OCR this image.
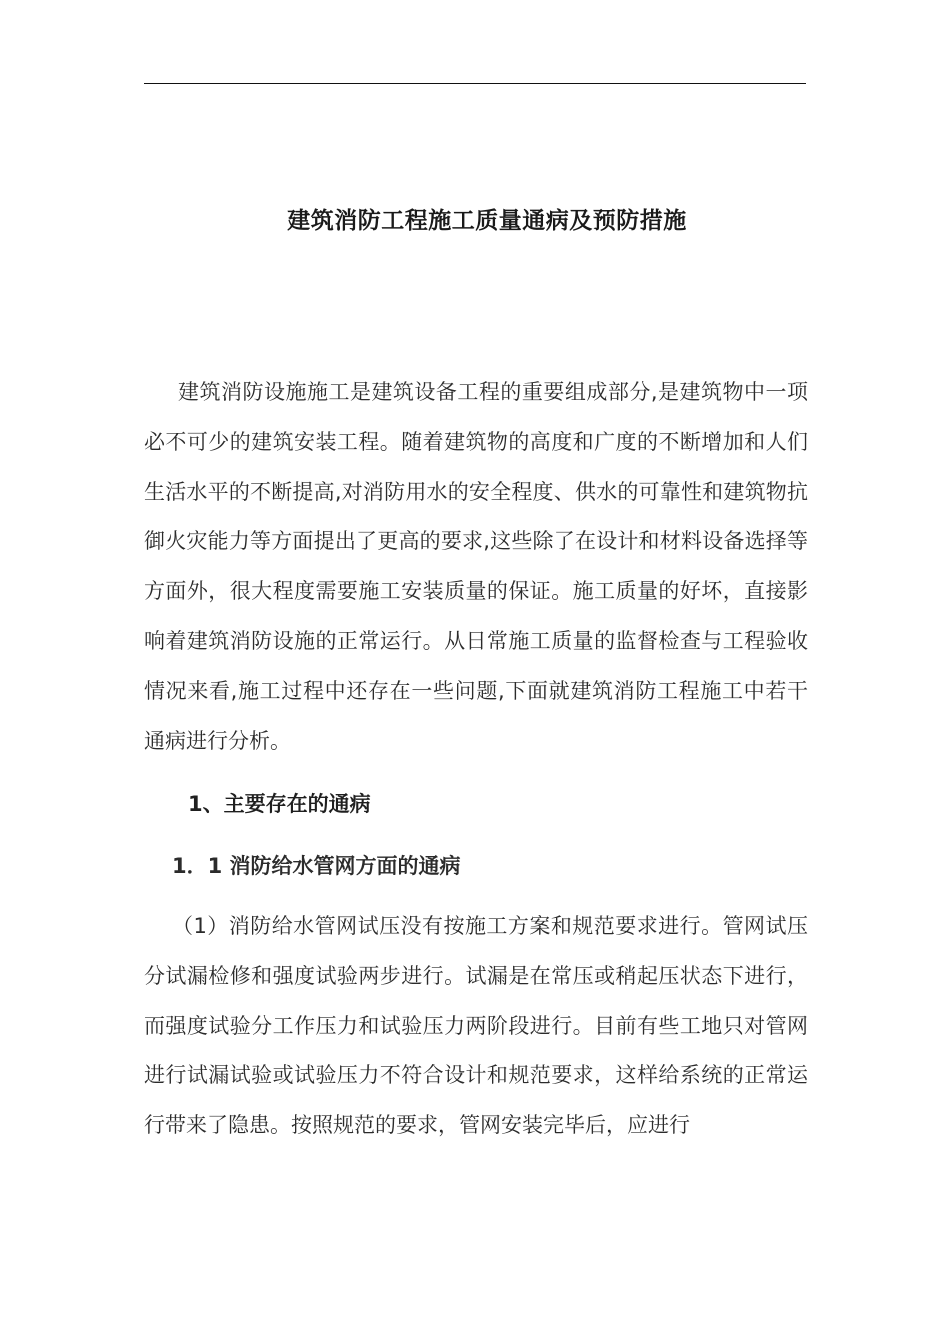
建筑消防工程施工质量通病及预防措施

建筑消防设施施工是建筑设备工程的重要组成部分,是建筑物中一项必不可少的建筑安装工程。随着建筑物的高度和广度的不断增加和人们生活水平的不断提高,对消防用水的安全程度、供水的可靠性和建筑物抗御火灾能力等方面提出了更高的要求,这些除了在设计和材料设备选择等方面外，很大程度需要施工安装质量的保证。施工质量的好坏，直接影响着建筑消防设施的正常运行。从日常施工质量的监督检查与工程验收情况来看,施工过程中还存在一些问题,下面就建筑消防工程施工中若干通病进行分析。

1、主要存在的通病
1．1 消防给水管网方面的通病

（1）消防给水管网试压没有按施工方案和规范要求进行。管网试压分试漏检修和强度试验两步进行。试漏是在常压或稍起压状态下进行，而强度试验分工作压力和试验压力两阶段进行。目前有些工地只对管网进行试漏试验或试验压力不符合设计和规范要求，这样给系统的正常运行带来了隐患。按照规范的要求，管网安装完毕后，应进行
